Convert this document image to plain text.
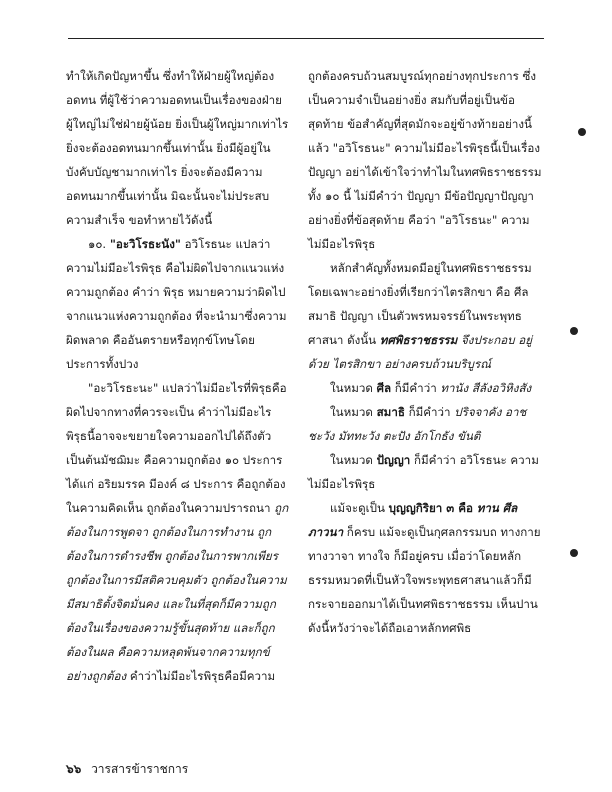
ทำให้เกิดปัญหาขึ้น ซึ่งทำให้ฝ่ายผู้ใหญ่ต้องอดทน ที่ผู้ใช้ว่าความอดทนเป็นเรื่องของฝ่ายผู้ใหญ่ไม่ใช่ฝ่ายผู้น้อย ยิ่งเป็นผู้ใหญ่มากเท่าไรยิ่งจะต้องอดทนมากขึ้นเท่านั้น ยิ่งมีผู้อยู่ในบังคับบัญชามากเท่าไร ยิ่งจะต้องมีความอดทนมากขึ้นเท่านั้น มิฉะนั้นจะไม่ประสบความสำเร็จ ขอทำหายไว้ดังนี้

๑๐. "อะวิโรธะนัง" อวิโรธนะ แปลว่า ความไม่มีอะไรพิรุธ คือไม่ผิดไปจากแนวแห่งความถูกต้อง คำว่า พิรุธ หมายความว่าผิดไปจากแนวแห่งความถูกต้อง ที่จะนำมาซึ่งความผิดพลาด คืออันตรายหรือทุกข์โทษโดยประการทั้งปวง

"อะวิโรธะนะ" แปลว่าไม่มีอะไรที่พิรุธคือผิดไปจากทางที่ควรจะเป็น คำว่าไม่มีอะไรพิรุธนี้อาจจะขยายใจความออกไปได้ถึงตัวเป็นต้นมัชฌิมะ คือความถูกต้อง ๑๐ ประการ ได้แก่ อริยมรรค มีองค์ ๘ ประการ คือถูกต้องในความคิดเห็น ถูกต้องในความปรารถนา ถูกต้องในการพูดจา ถูกต้องในการทำงาน ถูกต้องในการดำรงชีพ ถูกต้องในการพากเพียร ถูกต้องในการมีสติควบคุมตัว ถูกต้องในความมีสมาธิตั้งจิตมั่นคง และในที่สุดก็มีความถูกต้องในเรื่องของความรู้ขั้นสุดท้าย และก็ถูกต้องในผล คือความหลุดพ้นจากความทุกข์อย่างถูกต้อง คำว่าไม่มีอะไรพิรุธคือมีความ

ถูกต้องครบถ้วนสมบูรณ์ทุกอย่างทุกประการ ซึ่งเป็นความจำเป็นอย่างยิ่ง สมกับที่อยู่เป็นข้อสุดท้าย ข้อสำคัญที่สุดมักจะอยู่ข้างท้ายอย่างนี้แล้ว "อวิโรธนะ" ความไม่มีอะไรพิรุธนี้เป็นเรื่องปัญญา อย่าได้เข้าใจว่าทำไมในทศพิธราชธรรมทั้ง ๑๐ นี้ ไม่มีคำว่า ปัญญา มีข้อปัญญาปัญญาอย่างยิ่งที่ข้อสุดท้าย คือว่า "อวิโรธนะ" ความไม่มีอะไรพิรุธ

หลักสำคัญทั้งหมดมีอยู่ในทศพิธราชธรรม โดยเฉพาะอย่างยิ่งที่เรียกว่าไตรสิกขา คือ ศีล สมาธิ ปัญญา เป็นตัวพรหมจรรย์ในพระพุทธศาสนา ดังนั้น ทศพิธราชธรรม จึงประกอบ อยู่ด้วย ไตรสิกขา อย่างครบถ้วนบริบูรณ์

ในหมวด ศีล ก็มีคำว่า ทานัง สีลังอวิหิงสัง

ในหมวด สมาธิ ก็มีคำว่า ปริจจาคัง อาชชะวัง มัททะวัง ตะปัง อักโกธัง ขันติ

ในหมวด ปัญญา ก็มีคำว่า อวิโรธนะ ความไม่มีอะไรพิรุธ

แม้จะดูเป็น บุญญกิริยา ๓ คือ ทาน ศีล ภาวนา ก็ครบ แม้จะดูเป็นกุศลกรรมบถ ทางกาย ทางวาจา ทางใจ ก็มีอยู่ครบ เมื่อว่าโดยหลักธรรมหมวดที่เป็นหัวใจพระพุทธศาสนาแล้วก็มีกระจายออกมาได้เป็นทศพิธราชธรรม เห็นปานดังนี้หวังว่าจะได้ถือเอาหลักทศพิธ

๖๖ วารสารข้าราชการ
